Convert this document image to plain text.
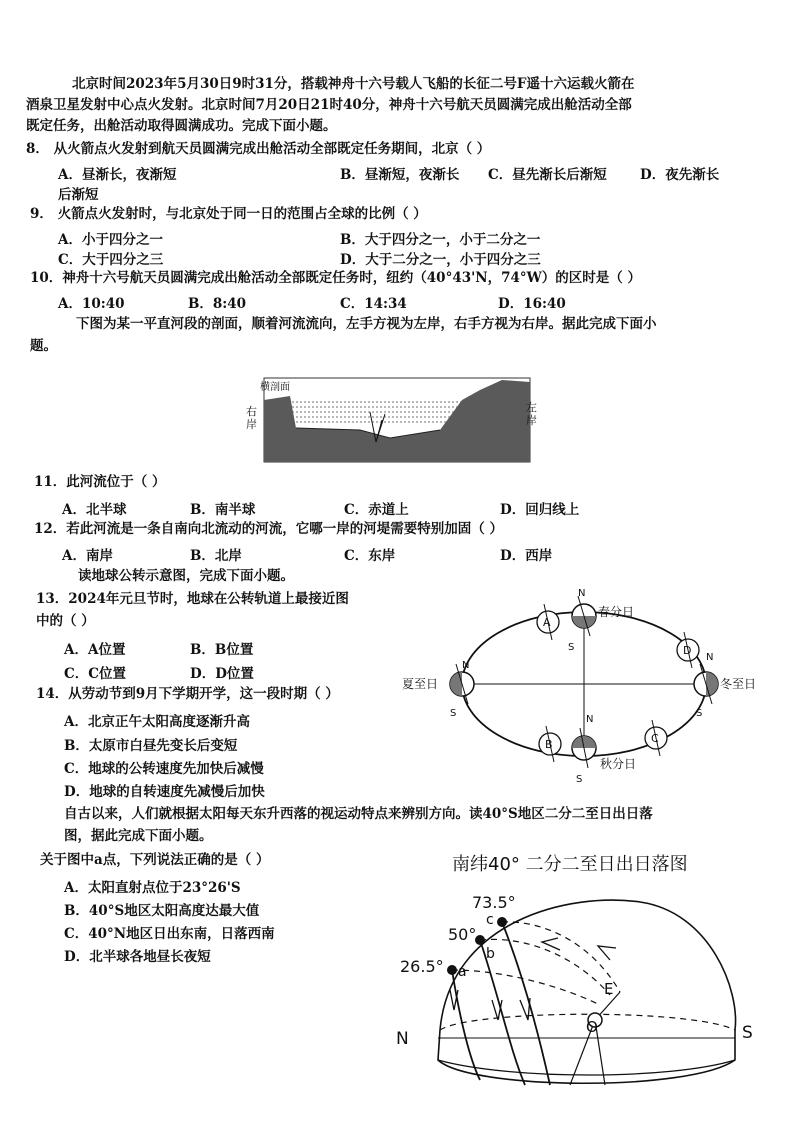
北京时间2023年5月30日9时31分，搭载神舟十六号载人飞船的长征二号F遥十六运载火箭在
酒泉卫星发射中心点火发射。北京时间7月20日21时40分，神舟十六号航天员圆满完成出舱活动全部
既定任务，出舱活动取得圆满成功。完成下面小题。
8． 从火箭点火发射到航天员圆满完成出舱活动全部既定任务期间，北京（ ）
A．昼渐长，夜渐短	B．昼渐短，夜渐长 C．昼先渐长后渐短 D．夜先渐长
后渐短
9． 火箭点火发射时，与北京处于同一日的范围占全球的比例（ ）
A．小于四分之一	B．大于四分之一，小于二分之一
C．大于四分之三	D．大于二分之一，小于四分之三
10．神舟十六号航天员圆满完成出舱活动全部既定任务时，纽约（40°43'N，74°W）的区时是（ ）
A．10:40	B．8:40	C．14:34	D．16:40
下图为某一平直河段的剖面，顺着河流流向，左手方视为左岸，右手方视为右岸。据此完成下面小
题。
横剖面
右
岸
左
岸
11．此河流位于（ ）
A．北半球	B．南半球	C．赤道上	D．回归线上
12．若此河流是一条自南向北流动的河流，它哪一岸的河堤需要特别加固（ ）
A．南岸	B．北岸	C．东岸	D．西岸
读地球公转示意图，完成下面小题。
13．2024年元旦节时，地球在公转轨道上最接近图
中的（ ）
A．A位置	B．B位置
C．C位置	D．D位置
14．从劳动节到9月下学期开学，这一段时期（ ）
A．北京正午太阳高度逐渐升高
B．太原市白昼先变长后变短
C．地球的公转速度先加快后减慢
D．地球的自转速度先减慢后加快
A
D
B	C
N
S
N
S
N
S
N
S
春分日
夏至日
秋分日
冬至日
自古以来，人们就根据太阳每天东升西落的视运动特点来辨别方向。读40°S地区二分二至日出日落
图，据此完成下面小题。
关于图中a点，下列说法正确的是（ ）
A．太阳直射点位于23°26'S
B．40°S地区太阳高度达最大值
C．40°N地区日出东南，日落西南
D．北半球各地昼长夜短
南纬40° 二分二至日出日落图
73.5°
50°
26.5° a
b
c
N	S
E
O
